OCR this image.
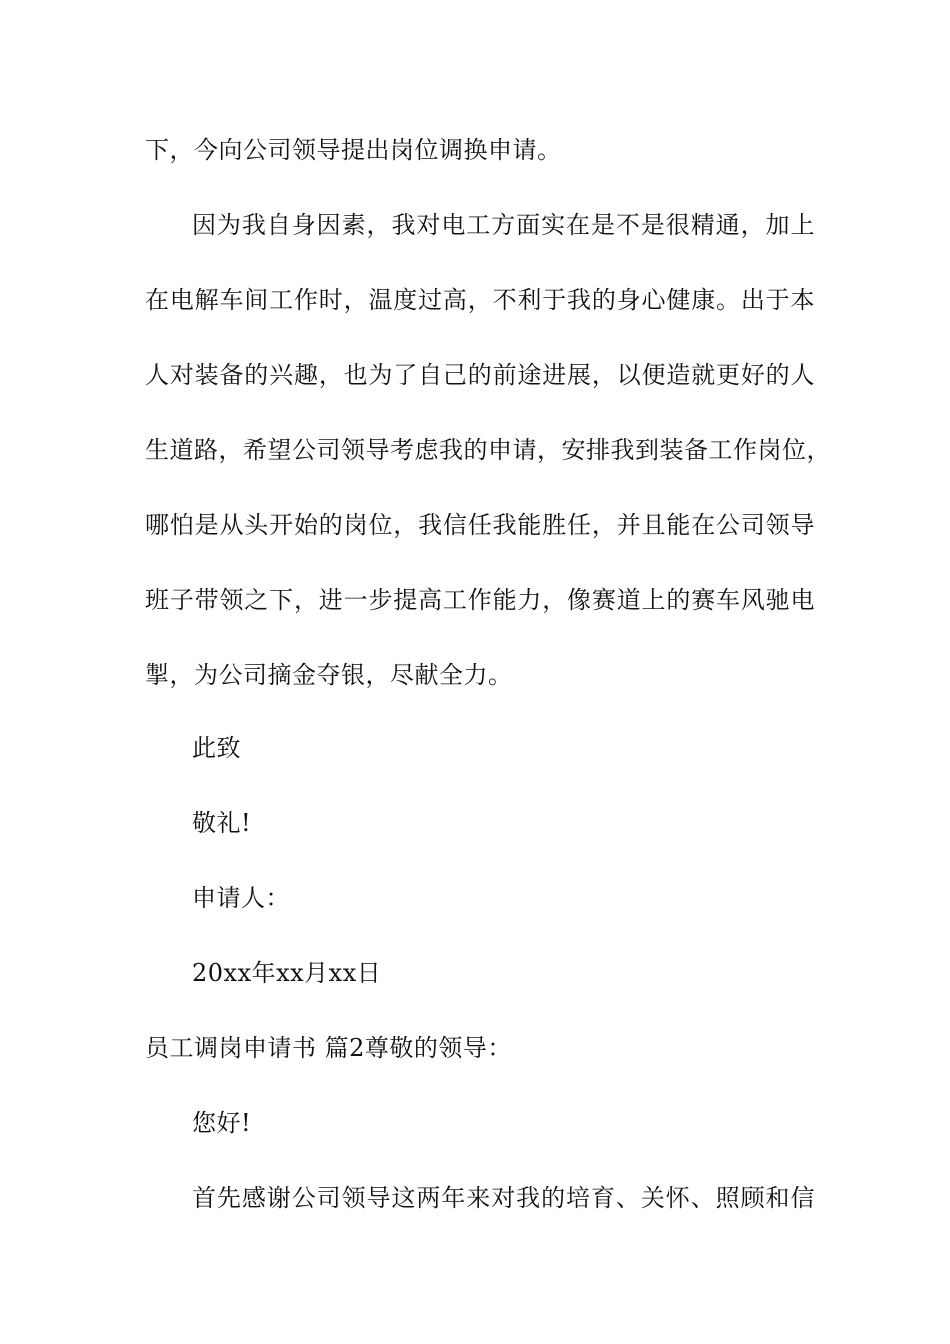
下，今向公司领导提出岗位调换申请。
因为我自身因素，我对电工方面实在是不是很精通，加上
在电解车间工作时，温度过高，不利于我的身心健康。出于本
人对装备的兴趣，也为了自己的前途进展，以便造就更好的人
生道路，希望公司领导考虑我的申请，安排我到装备工作岗位，
哪怕是从头开始的岗位，我信任我能胜任，并且能在公司领导
班子带领之下，进一步提高工作能力，像赛道上的赛车风驰电
掣，为公司摘金夺银，尽献全力。
此致
敬礼!
申请人：
20xx年xx月xx日
员工调岗申请书 篇2尊敬的领导：
您好!
首先感谢公司领导这两年来对我的培育、关怀、照顾和信
